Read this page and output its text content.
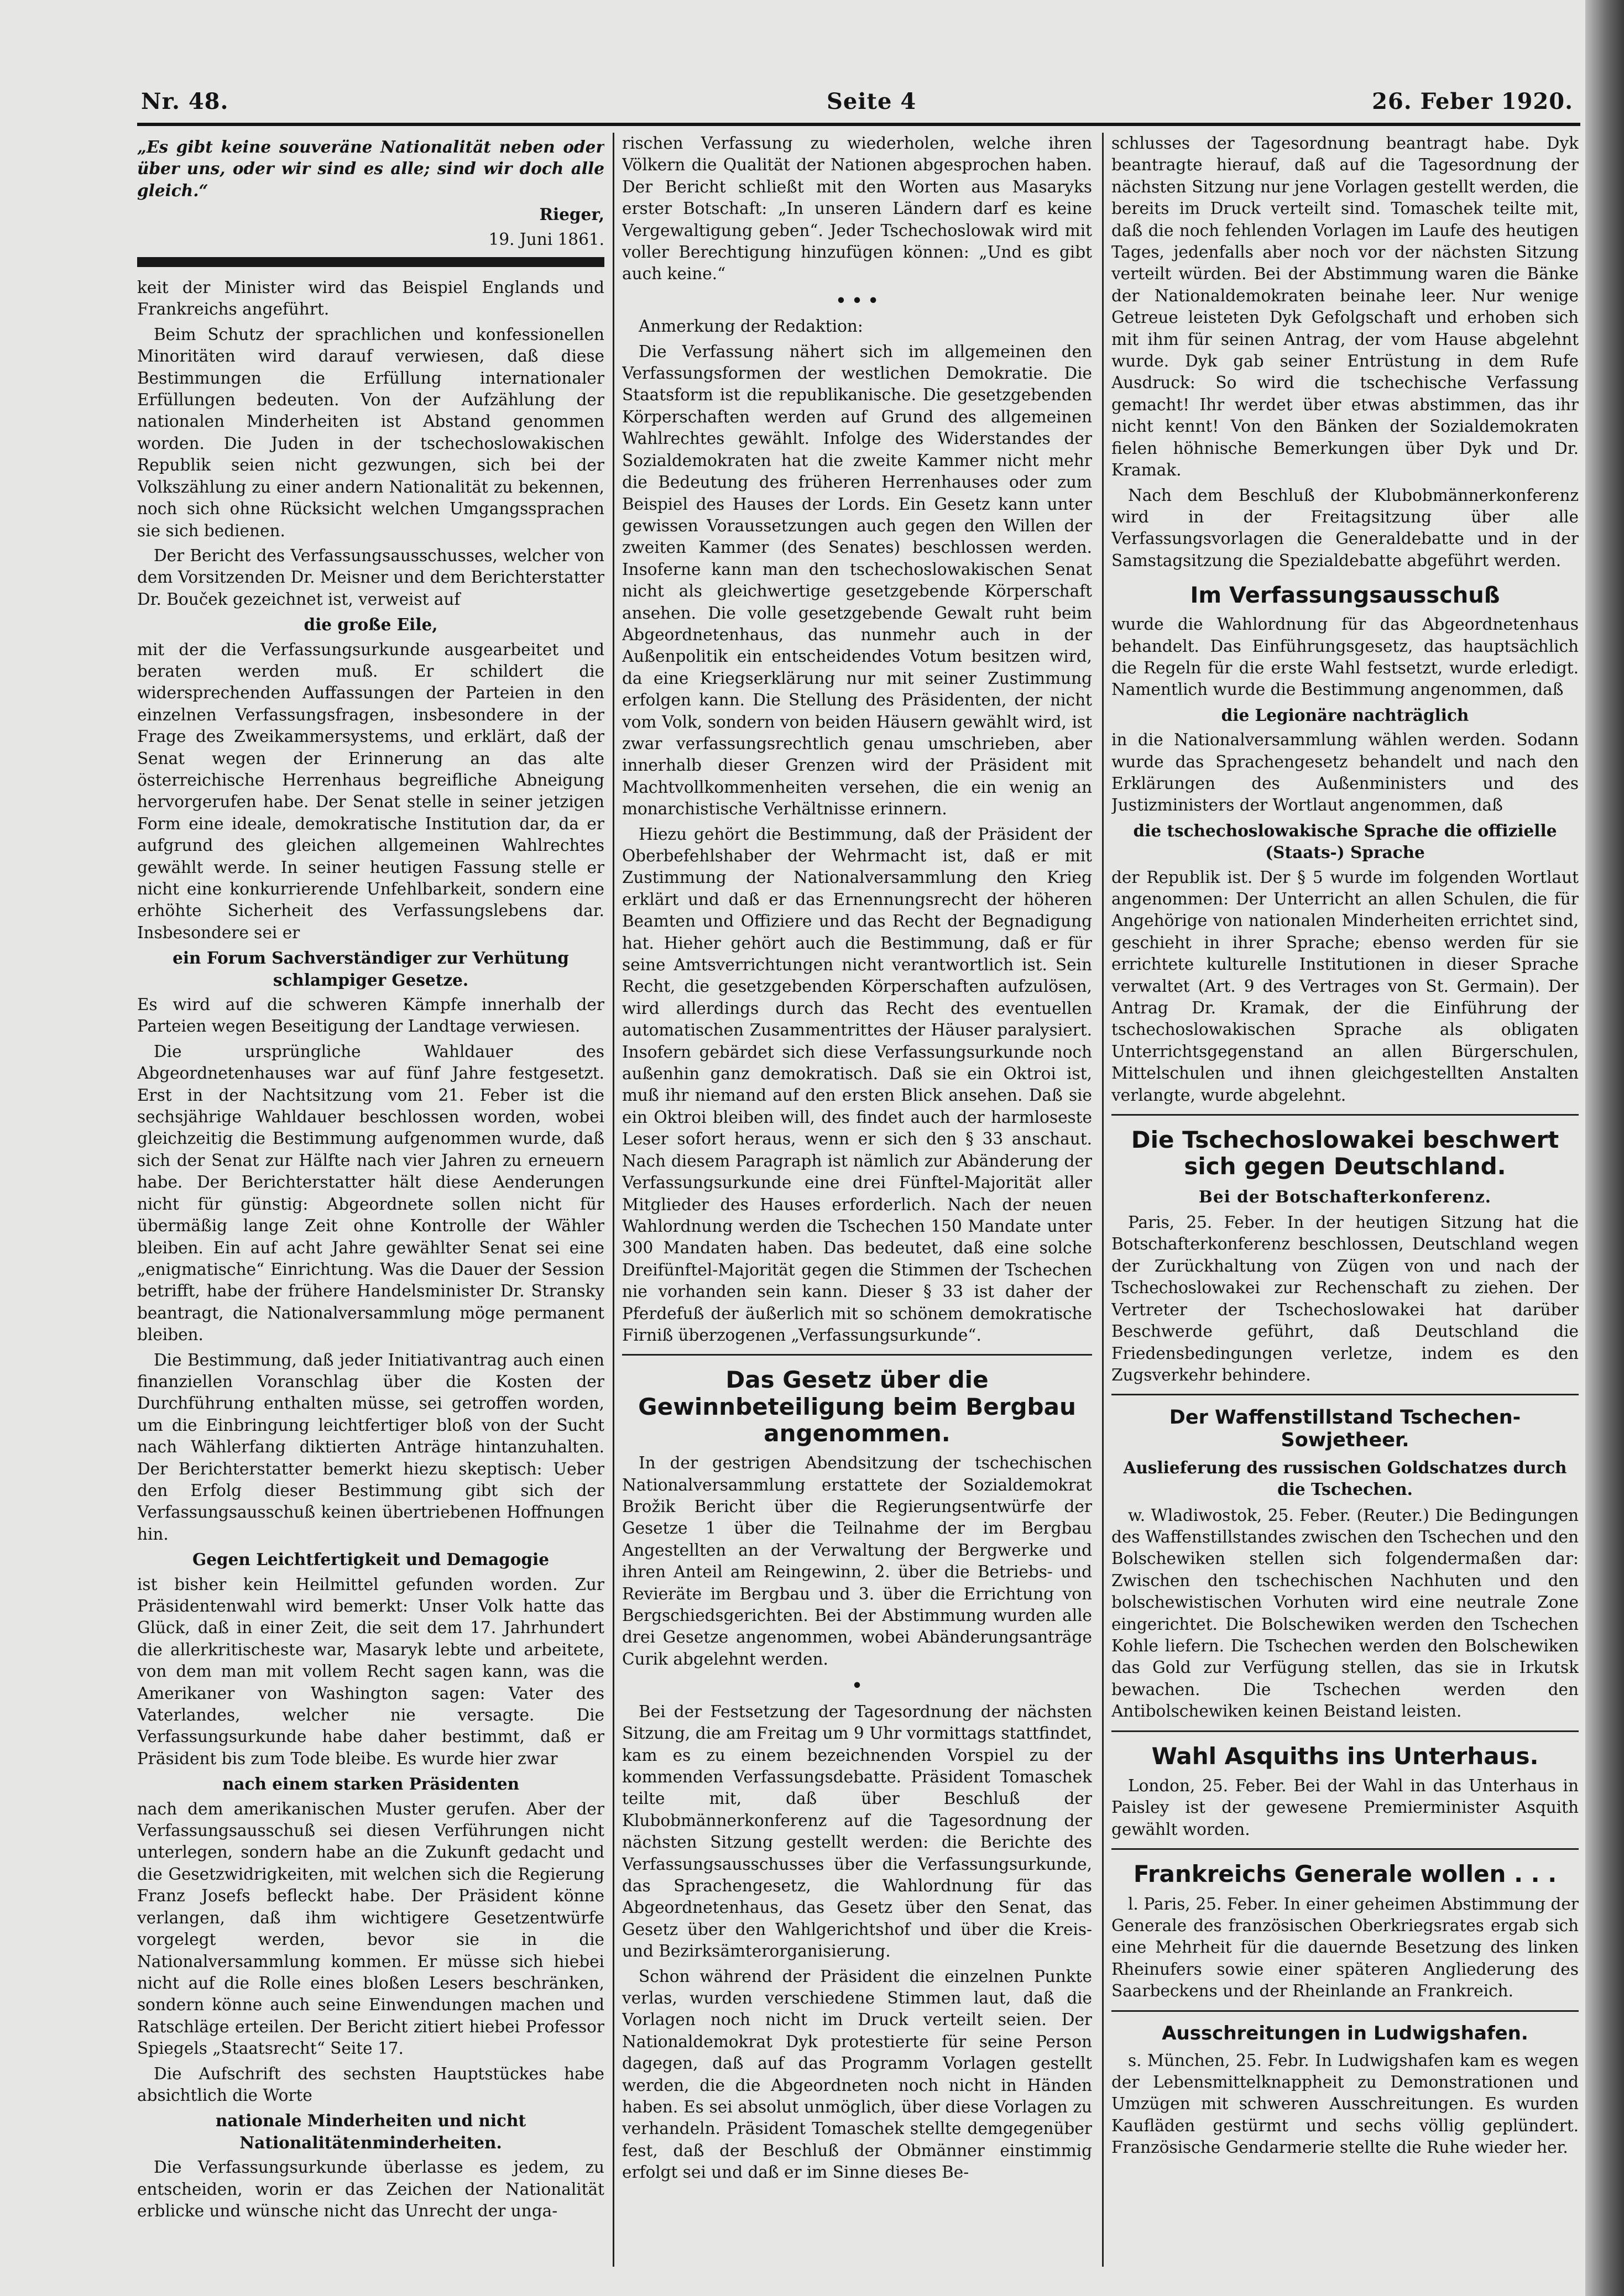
Nr. 48.	Seite 4	26. Feber 1920.

„Es gibt keine souveräne Nationalität neben oder über uns, oder wir sind es alle; sind wir doch alle gleich.“

Rieger,

19. Juni 1861.

keit der Minister wird das Beispiel Englands und Frankreichs angeführt.

Beim Schutz der sprachlichen und konfessionellen Minoritäten wird darauf verwiesen, daß diese Bestimmungen die Erfüllung internationaler Erfüllungen bedeuten. Von der Aufzählung der nationalen Minderheiten ist Abstand genommen worden. Die Juden in der tschechoslowakischen Republik seien nicht gezwungen, sich bei der Volkszählung zu einer andern Nationalität zu bekennen, noch sich ohne Rücksicht welchen Umgangssprachen sie sich bedienen.

Der Bericht des Verfassungsausschusses, welcher von dem Vorsitzenden Dr. Meisner und dem Berichterstatter Dr. Bouček gezeichnet ist, verweist auf

die große Eile,

mit der die Verfassungsurkunde ausgearbeitet und beraten werden muß. Er schildert die widersprechenden Auffassungen der Parteien in den einzelnen Verfassungsfragen, insbesondere in der Frage des Zweikammersystems, und erklärt, daß der Senat wegen der Erinnerung an das alte österreichische Herrenhaus begreifliche Abneigung hervorgerufen habe. Der Senat stelle in seiner jetzigen Form eine ideale, demokratische Institution dar, da er aufgrund des gleichen allgemeinen Wahlrechtes gewählt werde. In seiner heutigen Fassung stelle er nicht eine konkurrierende Unfehlbarkeit, sondern eine erhöhte Sicherheit des Verfassungslebens dar. Insbesondere sei er

ein Forum Sachverständiger zur Verhütung schlampiger Gesetze.

Es wird auf die schweren Kämpfe innerhalb der Parteien wegen Beseitigung der Landtage verwiesen.

Die ursprüngliche Wahldauer des Abgeordnetenhauses war auf fünf Jahre festgesetzt. Erst in der Nachtsitzung vom 21. Feber ist die sechsjährige Wahldauer beschlossen worden, wobei gleichzeitig die Bestimmung aufgenommen wurde, daß sich der Senat zur Hälfte nach vier Jahren zu erneuern habe. Der Berichterstatter hält diese Aenderungen nicht für günstig: Abgeordnete sollen nicht für übermäßig lange Zeit ohne Kontrolle der Wähler bleiben. Ein auf acht Jahre gewählter Senat sei eine „enigmatische“ Einrichtung. Was die Dauer der Session betrifft, habe der frühere Handelsminister Dr. Stransky beantragt, die Nationalversammlung möge permanent bleiben.

Die Bestimmung, daß jeder Initiativantrag auch einen finanziellen Voranschlag über die Kosten der Durchführung enthalten müsse, sei getroffen worden, um die Einbringung leichtfertiger bloß von der Sucht nach Wählerfang diktierten Anträge hintanzuhalten. Der Berichterstatter bemerkt hiezu skeptisch: Ueber den Erfolg dieser Bestimmung gibt sich der Verfassungsausschuß keinen übertriebenen Hoffnungen hin.

Gegen Leichtfertigkeit und Demagogie

ist bisher kein Heilmittel gefunden worden. Zur Präsidentenwahl wird bemerkt: Unser Volk hatte das Glück, daß in einer Zeit, die seit dem 17. Jahrhundert die allerkritischeste war, Masaryk lebte und arbeitete, von dem man mit vollem Recht sagen kann, was die Amerikaner von Washington sagen: Vater des Vaterlandes, welcher nie versagte. Die Verfassungsurkunde habe daher bestimmt, daß er Präsident bis zum Tode bleibe. Es wurde hier zwar

nach einem starken Präsidenten

nach dem amerikanischen Muster gerufen. Aber der Verfassungsausschuß sei diesen Verführungen nicht unterlegen, sondern habe an die Zukunft gedacht und die Gesetzwidrigkeiten, mit welchen sich die Regierung Franz Josefs befleckt habe. Der Präsident könne verlangen, daß ihm wichtigere Gesetzentwürfe vorgelegt werden, bevor sie in die Nationalversammlung kommen. Er müsse sich hiebei nicht auf die Rolle eines bloßen Lesers beschränken, sondern könne auch seine Einwendungen machen und Ratschläge erteilen. Der Bericht zitiert hiebei Professor Spiegels „Staatsrecht“ Seite 17.

Die Aufschrift des sechsten Hauptstückes habe absichtlich die Worte

nationale Minderheiten und nicht Nationalitätenminderheiten.

Die Verfassungsurkunde überlasse es jedem, zu entscheiden, worin er das Zeichen der Nationalität erblicke und wünsche nicht das Unrecht der unga-

rischen Verfassung zu wiederholen, welche ihren Völkern die Qualität der Nationen abgesprochen haben. Der Bericht schließt mit den Worten aus Masaryks erster Botschaft: „In unseren Ländern darf es keine Vergewaltigung geben“. Jeder Tschechoslowak wird mit voller Berechtigung hinzufügen können: „Und es gibt auch keine.“

• • •

Anmerkung der Redaktion:

Die Verfassung nähert sich im allgemeinen den Verfassungsformen der westlichen Demokratie. Die Staatsform ist die republikanische. Die gesetzgebenden Körperschaften werden auf Grund des allgemeinen Wahlrechtes gewählt. Infolge des Widerstandes der Sozialdemokraten hat die zweite Kammer nicht mehr die Bedeutung des früheren Herrenhauses oder zum Beispiel des Hauses der Lords. Ein Gesetz kann unter gewissen Voraussetzungen auch gegen den Willen der zweiten Kammer (des Senates) beschlossen werden. Insoferne kann man den tschechoslowakischen Senat nicht als gleichwertige gesetzgebende Körperschaft ansehen. Die volle gesetzgebende Gewalt ruht beim Abgeordnetenhaus, das nunmehr auch in der Außenpolitik ein entscheidendes Votum besitzen wird, da eine Kriegserklärung nur mit seiner Zustimmung erfolgen kann. Die Stellung des Präsidenten, der nicht vom Volk, sondern von beiden Häusern gewählt wird, ist zwar verfassungsrechtlich genau umschrieben, aber innerhalb dieser Grenzen wird der Präsident mit Machtvollkommenheiten versehen, die ein wenig an monarchistische Verhältnisse erinnern.

Hiezu gehört die Bestimmung, daß der Präsident der Oberbefehlshaber der Wehrmacht ist, daß er mit Zustimmung der Nationalversammlung den Krieg erklärt und daß er das Ernennungsrecht der höheren Beamten und Offiziere und das Recht der Begnadigung hat. Hieher gehört auch die Bestimmung, daß er für seine Amtsverrichtungen nicht verantwortlich ist. Sein Recht, die gesetzgebenden Körperschaften aufzulösen, wird allerdings durch das Recht des eventuellen automatischen Zusammentrittes der Häuser paralysiert. Insofern gebärdet sich diese Verfassungsurkunde noch außenhin ganz demokratisch. Daß sie ein Oktroi ist, muß ihr niemand auf den ersten Blick ansehen. Daß sie ein Oktroi bleiben will, des findet auch der harmloseste Leser sofort heraus, wenn er sich den § 33 anschaut. Nach diesem Paragraph ist nämlich zur Abänderung der Verfassungsurkunde eine drei Fünftel-Majorität aller Mitglieder des Hauses erforderlich. Nach der neuen Wahlordnung werden die Tschechen 150 Mandate unter 300 Mandaten haben. Das bedeutet, daß eine solche Dreifünftel-Majorität gegen die Stimmen der Tschechen nie vorhanden sein kann. Dieser § 33 ist daher der Pferdefuß der äußerlich mit so schönem demokratische Firniß überzogenen „Verfassungsurkunde“.

Das Gesetz über die Gewinnbeteiligung beim Bergbau angenommen.

In der gestrigen Abendsitzung der tschechischen Nationalversammlung erstattete der Sozialdemokrat Brožik Bericht über die Regierungsentwürfe der Gesetze 1 über die Teilnahme der im Bergbau Angestellten an der Verwaltung der Bergwerke und ihren Anteil am Reingewinn, 2. über die Betriebs- und Revieräte im Bergbau und 3. über die Errichtung von Bergschiedsgerichten. Bei der Abstimmung wurden alle drei Gesetze angenommen, wobei Abänderungsanträge Curik abgelehnt werden.

•

Bei der Festsetzung der Tagesordnung der nächsten Sitzung, die am Freitag um 9 Uhr vormittags stattfindet, kam es zu einem bezeichnenden Vorspiel zu der kommenden Verfassungsdebatte. Präsident Tomaschek teilte mit, daß über Beschluß der Klubobmännerkonferenz auf die Tagesordnung der nächsten Sitzung gestellt werden: die Berichte des Verfassungsausschusses über die Verfassungsurkunde, das Sprachengesetz, die Wahlordnung für das Abgeordnetenhaus, das Gesetz über den Senat, das Gesetz über den Wahlgerichtshof und über die Kreis- und Bezirksämterorganisierung.

Schon während der Präsident die einzelnen Punkte verlas, wurden verschiedene Stimmen laut, daß die Vorlagen noch nicht im Druck verteilt seien. Der Nationaldemokrat Dyk protestierte für seine Person dagegen, daß auf das Programm Vorlagen gestellt werden, die die Abgeordneten noch nicht in Händen haben. Es sei absolut unmöglich, über diese Vorlagen zu verhandeln. Präsident Tomaschek stellte demgegenüber fest, daß der Beschluß der Obmänner einstimmig erfolgt sei und daß er im Sinne dieses Be-

schlusses der Tagesordnung beantragt habe. Dyk beantragte hierauf, daß auf die Tagesordnung der nächsten Sitzung nur jene Vorlagen gestellt werden, die bereits im Druck verteilt sind. Tomaschek teilte mit, daß die noch fehlenden Vorlagen im Laufe des heutigen Tages, jedenfalls aber noch vor der nächsten Sitzung verteilt würden. Bei der Abstimmung waren die Bänke der Nationaldemokraten beinahe leer. Nur wenige Getreue leisteten Dyk Gefolgschaft und erhoben sich mit ihm für seinen Antrag, der vom Hause abgelehnt wurde. Dyk gab seiner Entrüstung in dem Rufe Ausdruck: So wird die tschechische Verfassung gemacht! Ihr werdet über etwas abstimmen, das ihr nicht kennt! Von den Bänken der Sozialdemokraten fielen höhnische Bemerkungen über Dyk und Dr. Kramak.

Nach dem Beschluß der Klubobmännerkonferenz wird in der Freitagsitzung über alle Verfassungsvorlagen die Generaldebatte und in der Samstagsitzung die Spezialdebatte abgeführt werden.

Im Verfassungsausschuß

wurde die Wahlordnung für das Abgeordnetenhaus behandelt. Das Einführungsgesetz, das hauptsächlich die Regeln für die erste Wahl festsetzt, wurde erledigt. Namentlich wurde die Bestimmung angenommen, daß

die Legionäre nachträglich

in die Nationalversammlung wählen werden. Sodann wurde das Sprachengesetz behandelt und nach den Erklärungen des Außenministers und des Justizministers der Wortlaut angenommen, daß

die tschechoslowakische Sprache die offizielle (Staats-) Sprache

der Republik ist. Der § 5 wurde im folgenden Wortlaut angenommen: Der Unterricht an allen Schulen, die für Angehörige von nationalen Minderheiten errichtet sind, geschieht in ihrer Sprache; ebenso werden für sie errichtete kulturelle Institutionen in dieser Sprache verwaltet (Art. 9 des Vertrages von St. Germain). Der Antrag Dr. Kramak, der die Einführung der tschechoslowakischen Sprache als obligaten Unterrichtsgegenstand an allen Bürgerschulen, Mittelschulen und ihnen gleichgestellten Anstalten verlangte, wurde abgelehnt.

Die Tschechoslowakei beschwert sich gegen Deutschland.

Bei der Botschafterkonferenz.

Paris, 25. Feber. In der heutigen Sitzung hat die Botschafterkonferenz beschlossen, Deutschland wegen der Zurückhaltung von Zügen von und nach der Tschechoslowakei zur Rechenschaft zu ziehen. Der Vertreter der Tschechoslowakei hat darüber Beschwerde geführt, daß Deutschland die Friedensbedingungen verletze, indem es den Zugsverkehr behindere.

Der Waffenstillstand Tschechen-Sowjetheer.

Auslieferung des russischen Goldschatzes durch die Tschechen.

w. Wladiwostok, 25. Feber. (Reuter.) Die Bedingungen des Waffenstillstandes zwischen den Tschechen und den Bolschewiken stellen sich folgendermaßen dar: Zwischen den tschechischen Nachhuten und den bolschewistischen Vorhuten wird eine neutrale Zone eingerichtet. Die Bolschewiken werden den Tschechen Kohle liefern. Die Tschechen werden den Bolschewiken das Gold zur Verfügung stellen, das sie in Irkutsk bewachen. Die Tschechen werden den Antibolschewiken keinen Beistand leisten.

Wahl Asquiths ins Unterhaus.

London, 25. Feber. Bei der Wahl in das Unterhaus in Paisley ist der gewesene Premierminister Asquith gewählt worden.

Frankreichs Generale wollen . . .

l. Paris, 25. Feber. In einer geheimen Abstimmung der Generale des französischen Oberkriegsrates ergab sich eine Mehrheit für die dauernde Besetzung des linken Rheinufers sowie einer späteren Angliederung des Saarbeckens und der Rheinlande an Frankreich.

Ausschreitungen in Ludwigshafen.

s. München, 25. Febr. In Ludwigshafen kam es wegen der Lebensmittelknappheit zu Demonstrationen und Umzügen mit schweren Ausschreitungen. Es wurden Kaufläden gestürmt und sechs völlig geplündert. Französische Gendarmerie stellte die Ruhe wieder her.
